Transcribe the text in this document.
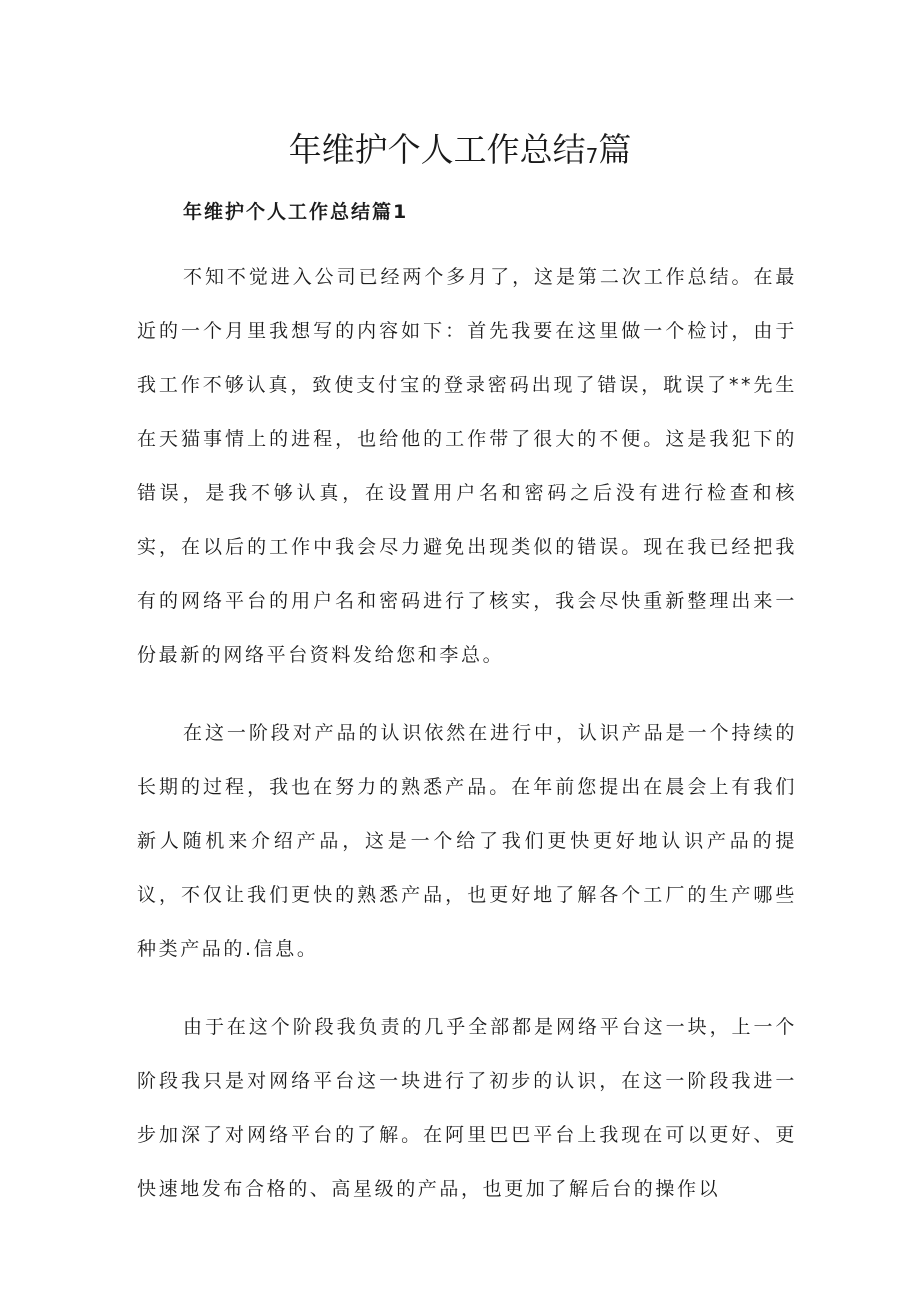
年维护个人工作总结7篇
年维护个人工作总结篇1

不知不觉进入公司已经两个多月了，这是第二次工作总结。在最近的一个月里我想写的内容如下：首先我要在这里做一个检讨，由于我工作不够认真，致使支付宝的登录密码出现了错误，耽误了**先生在天猫事情上的进程，也给他的工作带了很大的不便。这是我犯下的错误，是我不够认真，在设置用户名和密码之后没有进行检查和核实，在以后的工作中我会尽力避免出现类似的错误。现在我已经把我有的网络平台的用户名和密码进行了核实，我会尽快重新整理出来一份最新的网络平台资料发给您和李总。

在这一阶段对产品的认识依然在进行中，认识产品是一个持续的长期的过程，我也在努力的熟悉产品。在年前您提出在晨会上有我们新人随机来介绍产品，这是一个给了我们更快更好地认识产品的提议，不仅让我们更快的熟悉产品，也更好地了解各个工厂的生产哪些种类产品的.信息。

由于在这个阶段我负责的几乎全部都是网络平台这一块，上一个阶段我只是对网络平台这一块进行了初步的认识，在这一阶段我进一步加深了对网络平台的了解。在阿里巴巴平台上我现在可以更好、更快速地发布合格的、高星级的产品，也更加了解后台的操作以
